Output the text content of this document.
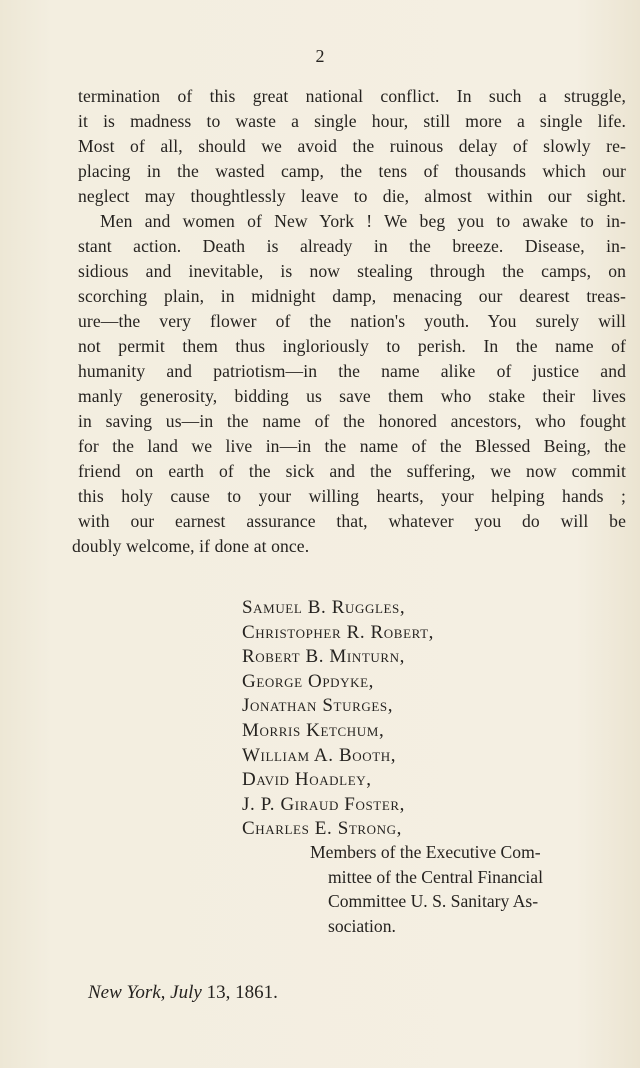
2
termination of this great national conflict. In such a struggle,
it is madness to waste a single hour, still more a single life.
Most of all, should we avoid the ruinous delay of slowly re-
placing in the wasted camp, the tens of thousands which our
neglect may thoughtlessly leave to die, almost within our sight.
Men and women of New York ! We beg you to awake to in-
stant action. Death is already in the breeze. Disease, in-
sidious and inevitable, is now stealing through the camps, on
scorching plain, in midnight damp, menacing our dearest treas-
ure—the very flower of the nation's youth. You surely will
not permit them thus ingloriously to perish. In the name of
humanity and patriotism—in the name alike of justice and
manly generosity, bidding us save them who stake their lives
in saving us—in the name of the honored ancestors, who fought
for the land we live in—in the name of the Blessed Being, the
friend on earth of the sick and the suffering, we now commit
this holy cause to your willing hearts, your helping hands ;
with our earnest assurance that, whatever you do will be
doubly welcome, if done at once.
Samuel B. Ruggles,
Christopher R. Robert,
Robert B. Minturn,
George Opdyke,
Jonathan Sturges,
Morris Ketchum,
William A. Booth,
David Hoadley,
J. P. Giraud Foster,
Charles E. Strong,
Members of the Executive Com-
mittee of the Central Financial
Committee U. S. Sanitary As-
sociation.
New York, July 13, 1861.
